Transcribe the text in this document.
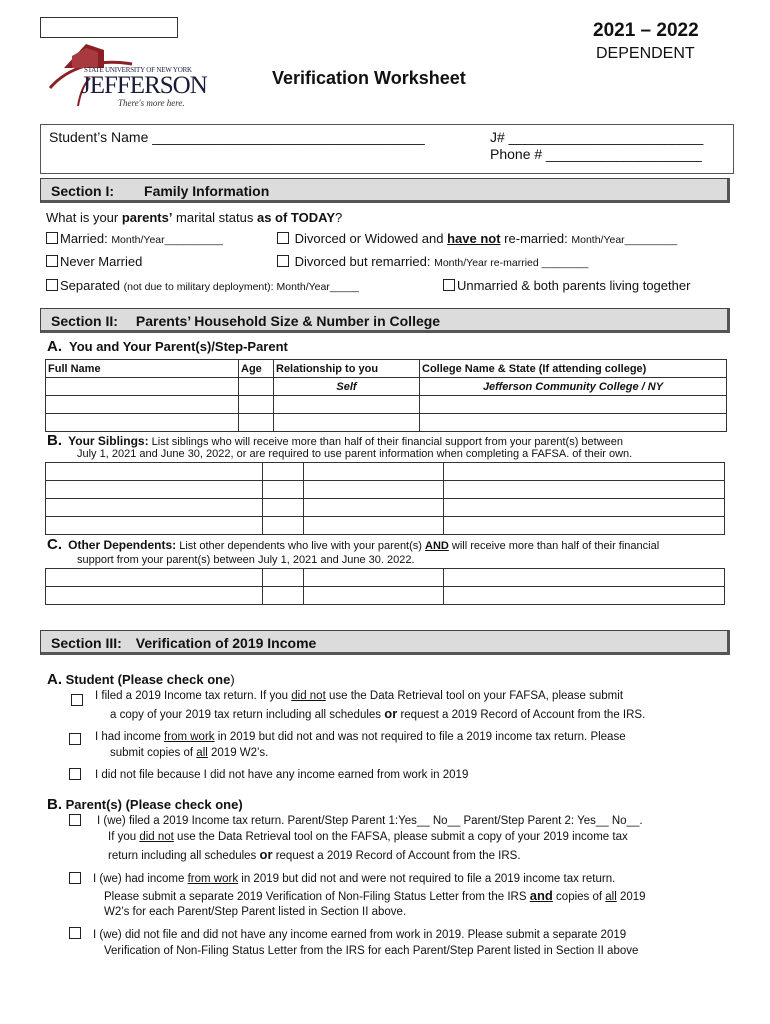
STATE UNIVERSITY OF NEW YORK
JEFFERSON
There's more here.
2021 – 2022
DEPENDENT
Verification Worksheet
Student’s Name ___________________________________	J# _________________________
Phone # ____________________
Section I: Family Information
What is your parents’ marital status as of TODAY?
Married: Month/Year__________	Divorced or Widowed and have not re-married: Month/Year_________
Never Married	Divorced but remarried: Month/Year re-married ________
Separated (not due to military deployment): Month/Year_____	Unmarried & both parents living together
Section II: Parents’ Household Size & Number in College
A. You and Your Parent(s)/Step-Parent
Full Name	Age	Relationship to you	College Name & State (If attending college)
		Self	Jefferson Community College / NY

B. Your Siblings: List siblings who will receive more than half of their financial support from your parent(s) between
July 1, 2021 and June 30, 2022, or are required to use parent information when completing a FAFSA. of their own.

C. Other Dependents: List other dependents who live with your parent(s) AND will receive more than half of their financial
support from your parent(s) between July 1, 2021 and June 30. 2022.

Section III: Verification of 2019 Income
A. Student (Please check one)
I filed a 2019 Income tax return. If you did not use the Data Retrieval tool on your FAFSA, please submit
a copy of your 2019 tax return including all schedules or request a 2019 Record of Account from the IRS.
I had income from work in 2019 but did not and was not required to file a 2019 income tax return. Please
submit copies of all 2019 W2’s.
I did not file because I did not have any income earned from work in 2019
B. Parent(s) (Please check one)
I (we) filed a 2019 Income tax return. Parent/Step Parent 1:Yes__ No__ Parent/Step Parent 2: Yes__ No__.
If you did not use the Data Retrieval tool on the FAFSA, please submit a copy of your 2019 income tax
return including all schedules or request a 2019 Record of Account from the IRS.
I (we) had income from work in 2019 but did not and were not required to file a 2019 income tax return.
Please submit a separate 2019 Verification of Non-Filing Status Letter from the IRS and copies of all 2019
W2’s for each Parent/Step Parent listed in Section II above.
I (we) did not file and did not have any income earned from work in 2019. Please submit a separate 2019
Verification of Non-Filing Status Letter from the IRS for each Parent/Step Parent listed in Section II above
